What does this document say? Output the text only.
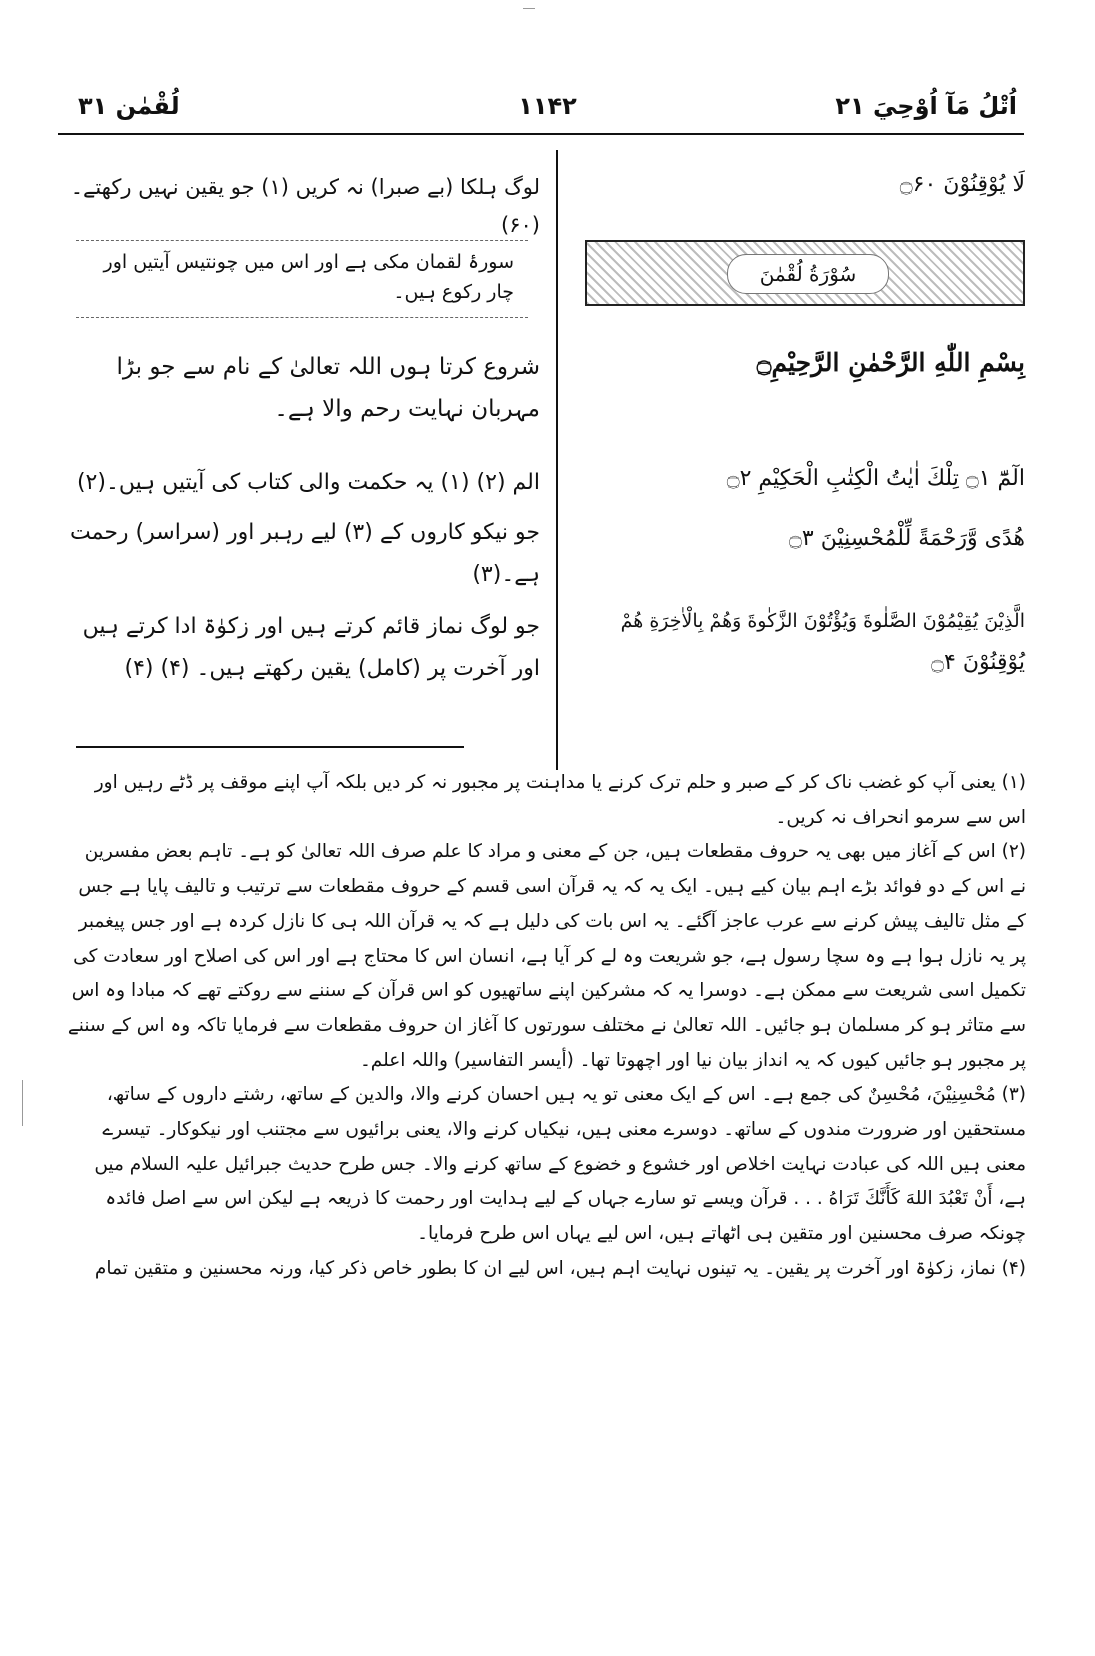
لُقْمٰن ۳۱	۱۱۴۲	اُتْلُ مَآ اُوْحِيَ ۲۱
لَا يُوْقِنُوْنَ ۝۶۰
سُوْرَةُ لُقْمٰنَ
بِسْمِ اللّٰهِ الرَّحْمٰنِ الرَّحِيْمِ۝
الٓمّٓ ۝۱ تِلْكَ اٰيٰتُ الْكِتٰبِ الْحَكِيْمِ ۝۲
هُدًى وَّرَحْمَةً لِّلْمُحْسِنِيْنَ ۝۳
الَّذِيْنَ يُقِيْمُوْنَ الصَّلٰوةَ وَيُؤْتُوْنَ الزَّكٰوةَ وَهُمْ بِالْاٰخِرَةِ هُمْ
يُوْقِنُوْنَ ۝۴
لوگ ہلکا (بے صبرا) نہ کریں (۱) جو یقین نہیں رکھتے۔(۶۰)
سورۂ لقمان مکی ہے اور اس میں چونتیس آیتیں اور چار رکوع ہیں۔
شروع کرتا ہوں اللہ تعالیٰ کے نام سے جو بڑا مہربان نہایت رحم والا ہے۔
الم (۲) (۱) یہ حکمت والی کتاب کی آیتیں ہیں۔(۲)
جو نیکو کاروں کے (۳) لیے رہبر اور (سراسر) رحمت ہے۔(۳)
جو لوگ نماز قائم کرتے ہیں اور زکوٰۃ ادا کرتے ہیں اور آخرت پر (کامل) یقین رکھتے ہیں۔ (۴) (۴)

(۱) یعنی آپ کو غضب ناک کر کے صبر و حلم ترک کرنے یا مداہنت پر مجبور نہ کر دیں بلکہ آپ اپنے موقف پر ڈٹے رہیں اور اس سے سرمو انحراف نہ کریں۔

(۲) اس کے آغاز میں بھی یہ حروف مقطعات ہیں، جن کے معنی و مراد کا علم صرف اللہ تعالیٰ کو ہے۔ تاہم بعض مفسرین نے اس کے دو فوائد بڑے اہم بیان کیے ہیں۔ ایک یہ کہ یہ قرآن اسی قسم کے حروف مقطعات سے ترتیب و تالیف پایا ہے جس کے مثل تالیف پیش کرنے سے عرب عاجز آگئے۔ یہ اس بات کی دلیل ہے کہ یہ قرآن اللہ ہی کا نازل کردہ ہے اور جس پیغمبر پر یہ نازل ہوا ہے وہ سچا رسول ہے، جو شریعت وہ لے کر آیا ہے، انسان اس کا محتاج ہے اور اس کی اصلاح اور سعادت کی تکمیل اسی شریعت سے ممکن ہے۔ دوسرا یہ کہ مشرکین اپنے ساتھیوں کو اس قرآن کے سننے سے روکتے تھے کہ مبادا وہ اس سے متاثر ہو کر مسلمان ہو جائیں۔ اللہ تعالیٰ نے مختلف سورتوں کا آغاز ان حروف مقطعات سے فرمایا تاکہ وہ اس کے سننے پر مجبور ہو جائیں کیوں کہ یہ انداز بیان نیا اور اچھوتا تھا۔ (أیسر التفاسیر) واللہ اعلم۔

(۳) مُحْسِنِيْنَ، مُحْسِنٌ کی جمع ہے۔ اس کے ایک معنی تو یہ ہیں احسان کرنے والا، والدین کے ساتھ، رشتے داروں کے ساتھ، مستحقین اور ضرورت مندوں کے ساتھ۔ دوسرے معنی ہیں، نیکیاں کرنے والا، یعنی برائیوں سے مجتنب اور نیکوکار۔ تیسرے معنی ہیں اللہ کی عبادت نہایت اخلاص اور خشوع و خضوع کے ساتھ کرنے والا۔ جس طرح حدیث جبرائیل علیہ السلام میں ہے، أَنْ تَعْبُدَ اللهَ كَأَنَّكَ تَرَاهُ . . . قرآن ویسے تو سارے جہاں کے لیے ہدایت اور رحمت کا ذریعہ ہے لیکن اس سے اصل فائدہ چونکہ صرف محسنین اور متقین ہی اٹھاتے ہیں، اس لیے یہاں اس طرح فرمایا۔

(۴) نماز، زکوٰۃ اور آخرت پر یقین۔ یہ تینوں نہایت اہم ہیں، اس لیے ان کا بطور خاص ذکر کیا، ورنہ محسنین و متقین تمام
